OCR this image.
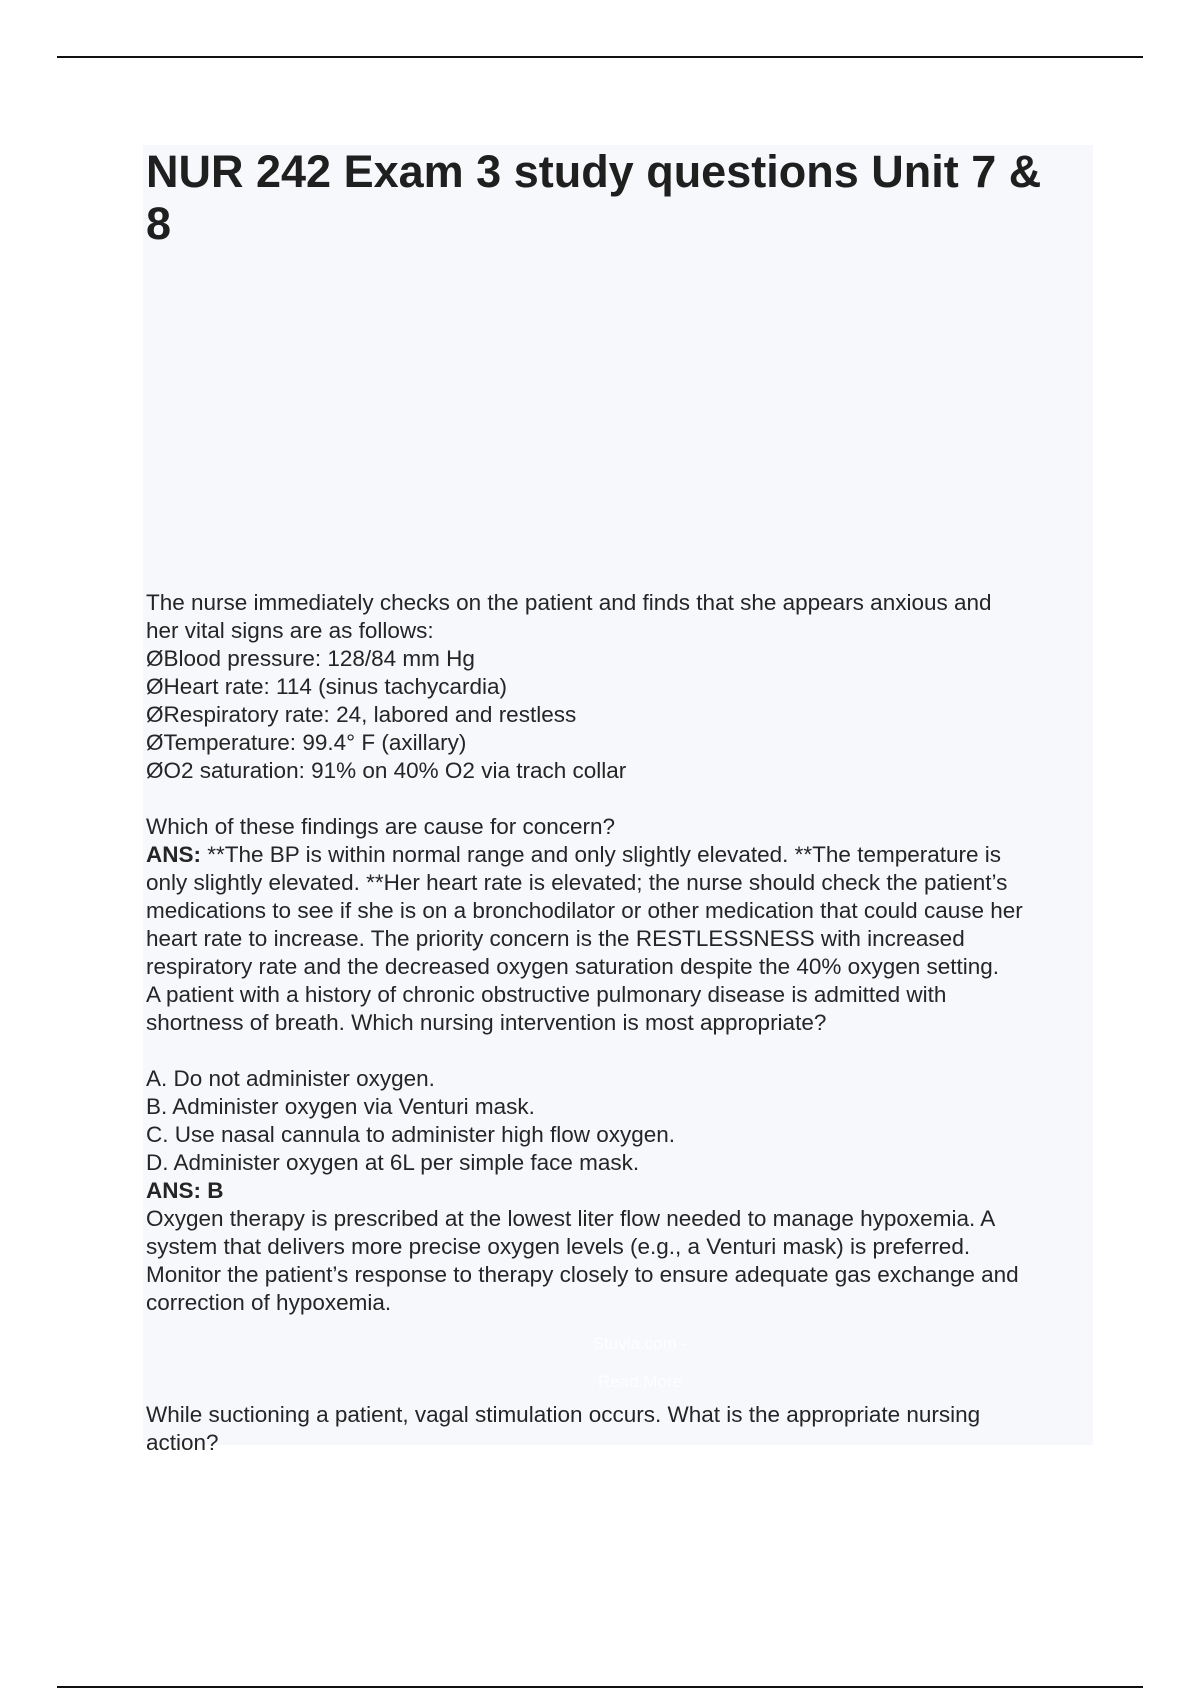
NUR 242 Exam 3 study questions Unit 7 & 8

The nurse immediately checks on the patient and finds that she appears anxious and

her vital signs are as follows:

ØBlood pressure: 128/84 mm Hg

ØHeart rate: 114 (sinus tachycardia)

ØRespiratory rate: 24, labored and restless

ØTemperature: 99.4° F (axillary)

ØO2 saturation: 91% on 40% O2 via trach collar

Which of these findings are cause for concern?

ANS: **The BP is within normal range and only slightly elevated. **The temperature is

only slightly elevated. **Her heart rate is elevated; the nurse should check the patient’s

medications to see if she is on a bronchodilator or other medication that could cause her

heart rate to increase. The priority concern is the RESTLESSNESS with increased

respiratory rate and the decreased oxygen saturation despite the 40% oxygen setting.

A patient with a history of chronic obstructive pulmonary disease is admitted with

shortness of breath. Which nursing intervention is most appropriate?

A. Do not administer oxygen.

B. Administer oxygen via Venturi mask.

C. Use nasal cannula to administer high flow oxygen.

D. Administer oxygen at 6L per simple face mask.

ANS: B

Oxygen therapy is prescribed at the lowest liter flow needed to manage hypoxemia. A

system that delivers more precise oxygen levels (e.g., a Venturi mask) is preferred.

Monitor the patient’s response to therapy closely to ensure adequate gas exchange and

correction of hypoxemia.

While suctioning a patient, vagal stimulation occurs. What is the appropriate nursing

action?

Stuvia.com -
Read More
